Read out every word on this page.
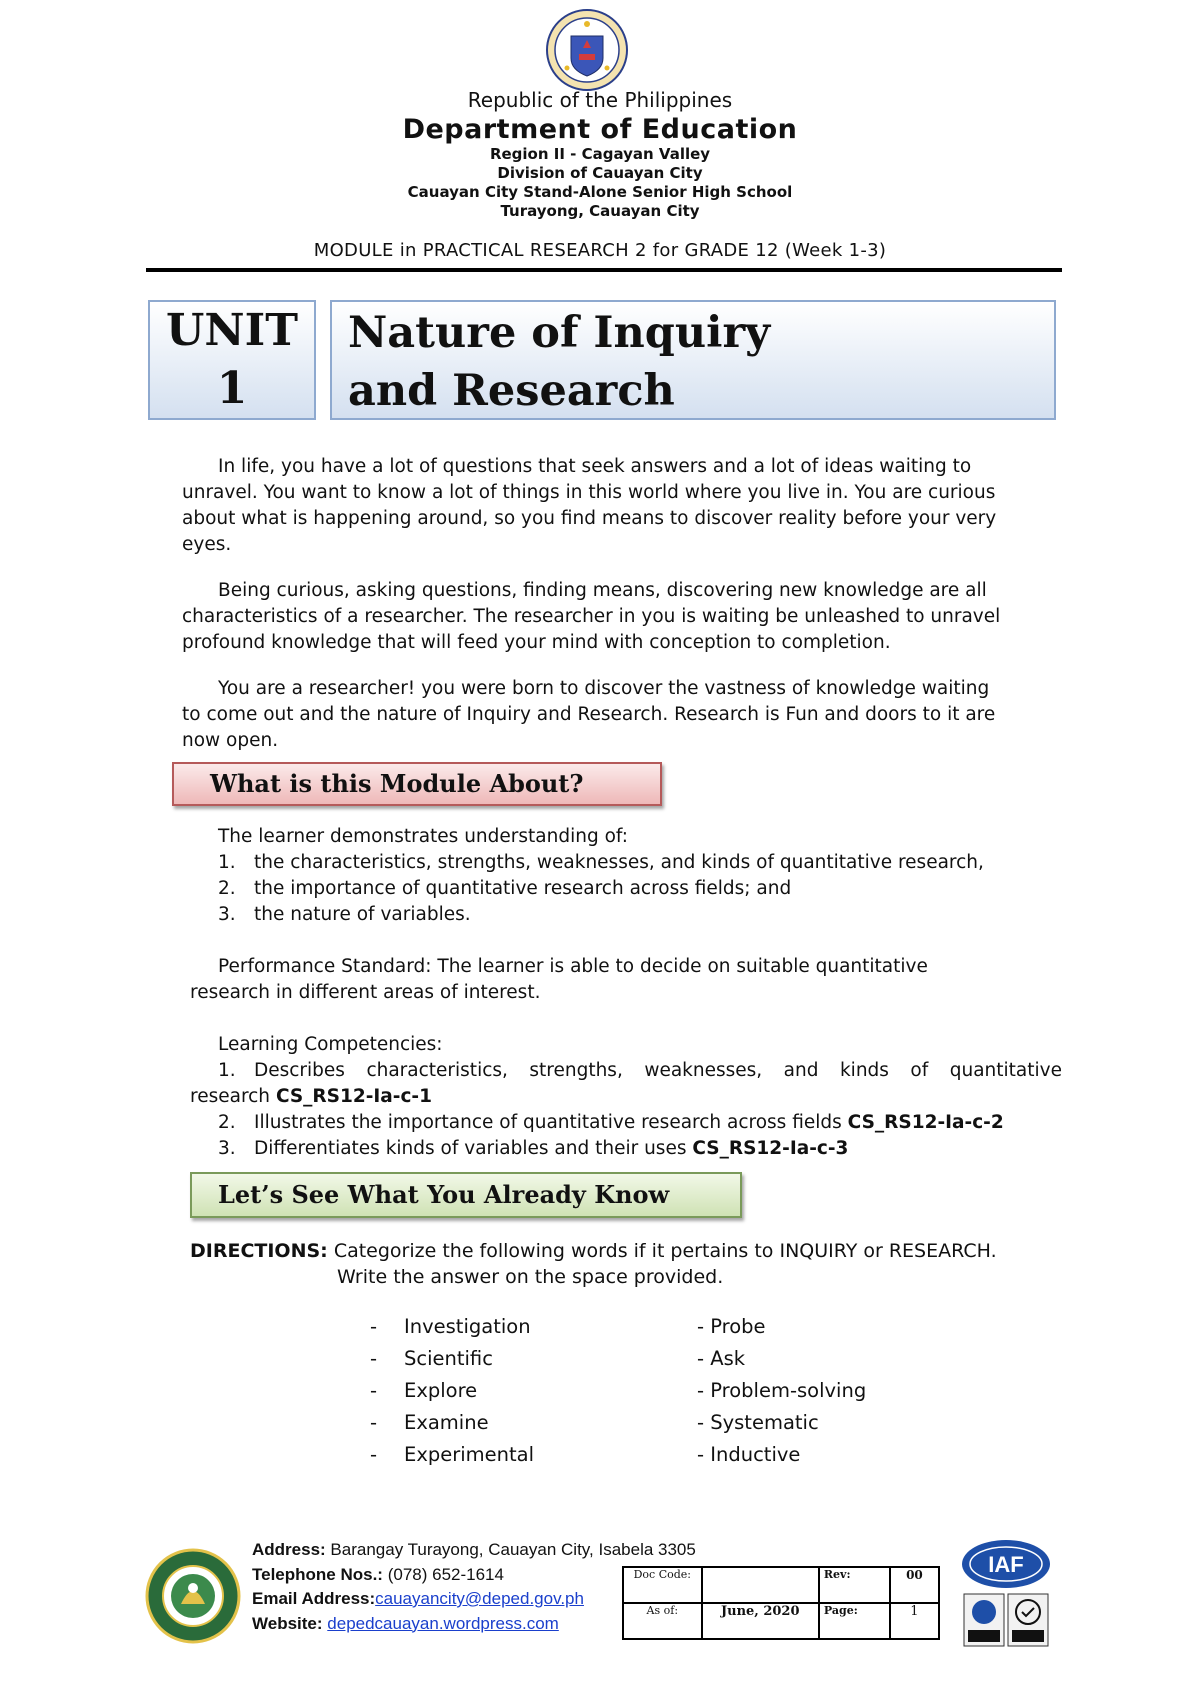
Republic of the Philippines
Department of Education
Region II - Cagayan Valley
Division of Cauayan City
Cauayan City Stand-Alone Senior High School
Turayong, Cauayan City
MODULE in PRACTICAL RESEARCH 2 for GRADE 12 (Week 1-3)
UNIT
1
Nature of Inquiry
and Research
In life, you have a lot of questions that seek answers and a lot of ideas waiting to
unravel. You want to know a lot of things in this world where you live in. You are curious
about what is happening around, so you find means to discover reality before your very
eyes.
Being curious, asking questions, finding means, discovering new knowledge are all
characteristics of a researcher. The researcher in you is waiting be unleashed to unravel
profound knowledge that will feed your mind with conception to completion.
You are a researcher! you were born to discover the vastness of knowledge waiting
to come out and the nature of Inquiry and Research. Research is Fun and doors to it are
now open.
What is this Module About?
The learner demonstrates understanding of:
1. the characteristics, strengths, weaknesses, and kinds of quantitative research,
2. the importance of quantitative research across fields; and
3. the nature of variables.
Performance Standard: The learner is able to decide on suitable quantitative
research in different areas of interest.
Learning Competencies:
1. Describes characteristics, strengths, weaknesses, and kinds of quantitative
research CS_RS12-Ia-c-1
2. Illustrates the importance of quantitative research across fields CS_RS12-Ia-c-2
3. Differentiates kinds of variables and their uses CS_RS12-Ia-c-3
Let’s See What You Already Know
DIRECTIONS: Categorize the following words if it pertains to INQUIRY or RESEARCH.
Write the answer on the space provided.
- Investigation
- Scientific
- Explore
- Examine
- Experimental
- Probe
- Ask
- Problem-solving
- Systematic
- Inductive
Address: Barangay Turayong, Cauayan City, Isabela 3305
Telephone Nos.: (078) 652-1614
Email Address:cauayancity@deped.gov.ph
Website: depedcauayan.wordpress.com
Doc Code:		Rev:	00
As of:	June, 2020	Page:	1
IAF
